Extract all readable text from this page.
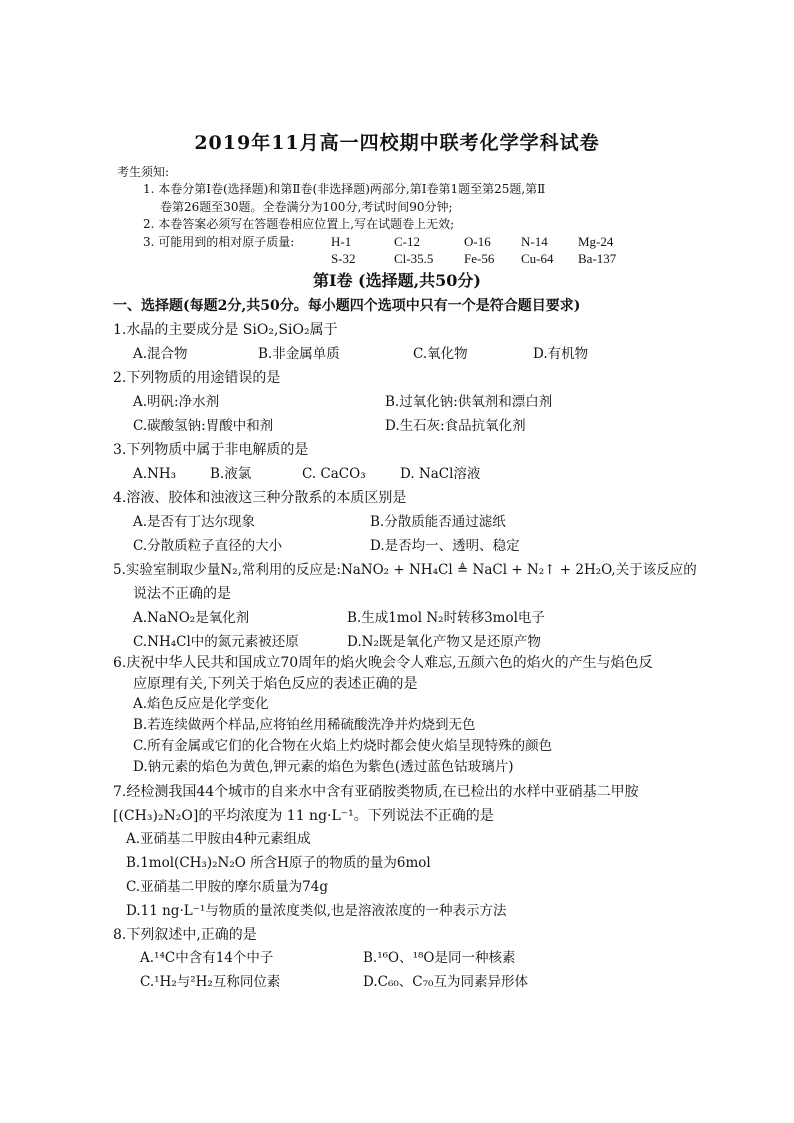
2019年11月高一四校期中联考化学学科试卷
考生须知:
1. 本卷分第Ⅰ卷(选择题)和第Ⅱ卷(非选择题)两部分,第Ⅰ卷第1题至第25题,第Ⅱ
卷第26题至30题。全卷满分为100分,考试时间90分钟;
2. 本卷答案必须写在答题卷相应位置上,写在试题卷上无效;
3. 可能用到的相对原子质量:	H-1	C-12	O-16 N-14 Mg-24
S-32	Cl-35.5 Fe-56 Cu-64 Ba-137
第Ⅰ卷 (选择题,共50分)
一、选择题(每题2分,共50分。每小题四个选项中只有一个是符合题目要求)
1.水晶的主要成分是 SiO₂,SiO₂属于
A.混合物	B.非金属单质	C.氧化物	D.有机物
2.下列物质的用途错误的是
A.明矾:净水剂	B.过氧化钠:供氧剂和漂白剂
C.碳酸氢钠:胃酸中和剂	D.生石灰:食品抗氧化剂
3.下列物质中属于非电解质的是
A.NH₃	B.液氯	C. CaCO₃	D. NaCl溶液
4.溶液、胶体和浊液这三种分散系的本质区别是
A.是否有丁达尔现象	B.分散质能否通过滤纸
C.分散质粒子直径的大小	D.是否均一、透明、稳定
5.实验室制取少量N₂,常利用的反应是:NaNO₂ + NH₄Cl ≜ NaCl + N₂↑ + 2H₂O,关于该反应的
说法不正确的是
A.NaNO₂是氧化剂	B.生成1mol N₂时转移3mol电子
C.NH₄Cl中的氮元素被还原	D.N₂既是氧化产物又是还原产物
6.庆祝中华人民共和国成立70周年的焰火晚会令人难忘,五颜六色的焰火的产生与焰色反
应原理有关,下列关于焰色反应的表述正确的是
A.焰色反应是化学变化
B.若连续做两个样品,应将铂丝用稀硫酸洗净并灼烧到无色
C.所有金属或它们的化合物在火焰上灼烧时都会使火焰呈现特殊的颜色
D.钠元素的焰色为黄色,钾元素的焰色为紫色(透过蓝色钴玻璃片)
7.经检测我国44个城市的自来水中含有亚硝胺类物质,在已检出的水样中亚硝基二甲胺
[(CH₃)₂N₂O]的平均浓度为 11 ng·L⁻¹。下列说法不正确的是
A.亚硝基二甲胺由4种元素组成
B.1mol(CH₃)₂N₂O 所含H原子的物质的量为6mol
C.亚硝基二甲胺的摩尔质量为74g
D.11 ng·L⁻¹与物质的量浓度类似,也是溶液浓度的一种表示方法
8.下列叙述中,正确的是
A.¹⁴C中含有14个中子	B.¹⁶O、¹⁸O是同一种核素
C.¹H₂与²H₂互称同位素	D.C₆₀、C₇₀互为同素异形体
